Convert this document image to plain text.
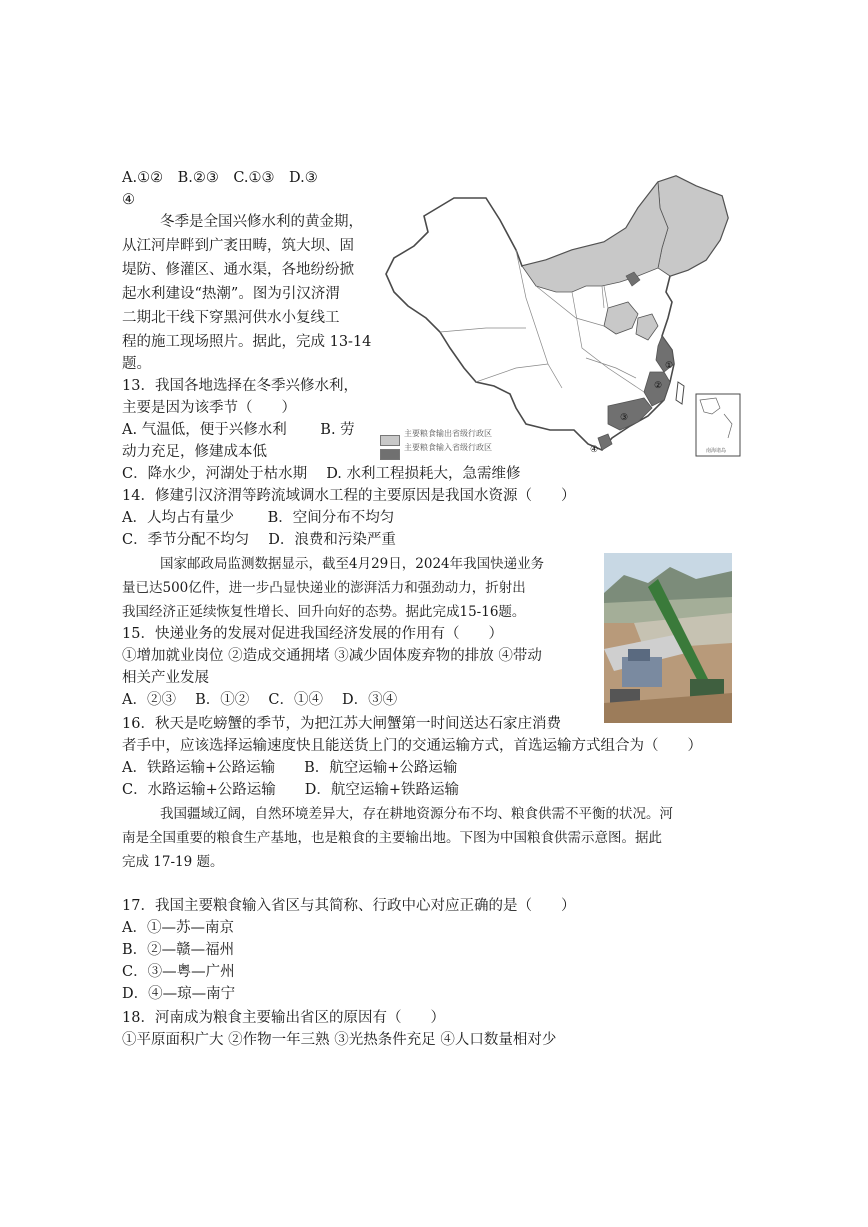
A.①②　B.②③　C.①③　D.③
④
冬季是全国兴修水利的黄金期，
从江河岸畔到广袤田畴，筑大坝、固
堤防、修灌区、通水渠，各地纷纷掀
起水利建设“热潮”。图为引汉济渭
二期北干线下穿黑河供水小复线工
程的施工现场照片。据此，完成 13-14
题。
13．我国各地选择在冬季兴修水利，
主要是因为该季节（　　）
A. 气温低，便于兴修水利　　 B. 劳
动力充足，修建成本低
C．降水少，河湖处于枯水期　 D. 水利工程损耗大，急需维修
14．修建引汉济渭等跨流域调水工程的主要原因是我国水资源（　　）
A．人均占有量少　　 B．空间分布不均匀
C．季节分配不均匀　 D．浪费和污染严重
国家邮政局监测数据显示，截至4月29日，2024年我国快递业务
量已达500亿件，进一步凸显快递业的澎湃活力和强劲动力，折射出
我国经济正延续恢复性增长、回升向好的态势。据此完成15-16题。
15．快递业务的发展对促进我国经济发展的作用有（　　）
①增加就业岗位 ②造成交通拥堵 ③减少固体废弃物的排放 ④带动
相关产业发展
A．②③　 B．①②　 C．①④　 D．③④
16．秋天是吃螃蟹的季节，为把江苏大闸蟹第一时间送达石家庄消费
者手中，应该选择运输速度快且能送货上门的交通运输方式，首选运输方式组合为（　　）
A．铁路运输+公路运输　　B．航空运输+公路运输
C．水路运输+公路运输　　D．航空运输+铁路运输
我国疆域辽阔，自然环境差异大，存在耕地资源分布不均、粮食供需不平衡的状况。河
南是全国重要的粮食生产基地，也是粮食的主要输出地。下图为中国粮食供需示意图。据此
完成 17-19 题。
17．我国主要粮食输入省区与其简称、行政中心对应正确的是（　　）
A．①—苏—南京
B．②—赣—福州
C．③—粤—广州
D．④—琼—南宁
18．河南成为粮食主要输出省区的原因有（　　）
①平原面积广大 ②作物一年三熟 ③光热条件充足 ④人口数量相对少
①
②
③
④	南海诸岛
主要粮食输出省级行政区
主要粮食输入省级行政区
